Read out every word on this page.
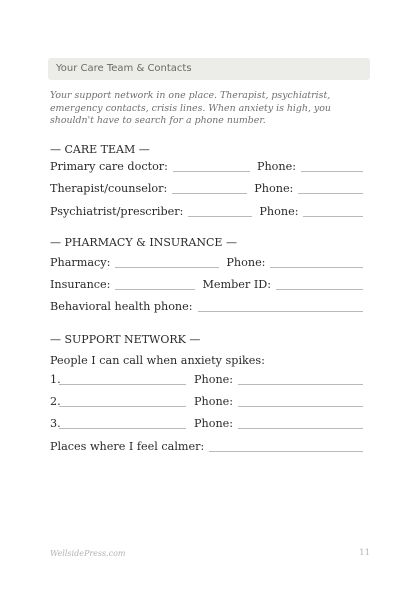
Your Care Team & Contacts
Your support network in one place. Therapist, psychiatrist, emergency contacts, crisis lines. When anxiety is high, you shouldn't have to search for a phone number.
— CARE TEAM —
Primary care doctor:	Phone:
Therapist/counselor:	Phone:
Psychiatrist/prescriber:	Phone:
— PHARMACY & INSURANCE —
Pharmacy:	Phone:
Insurance:	Member ID:
Behavioral health phone:
— SUPPORT NETWORK —
People I can call when anxiety spikes:
1.	Phone:
2.	Phone:
3.	Phone:
Places where I feel calmer:
WellsidePress.com	11
